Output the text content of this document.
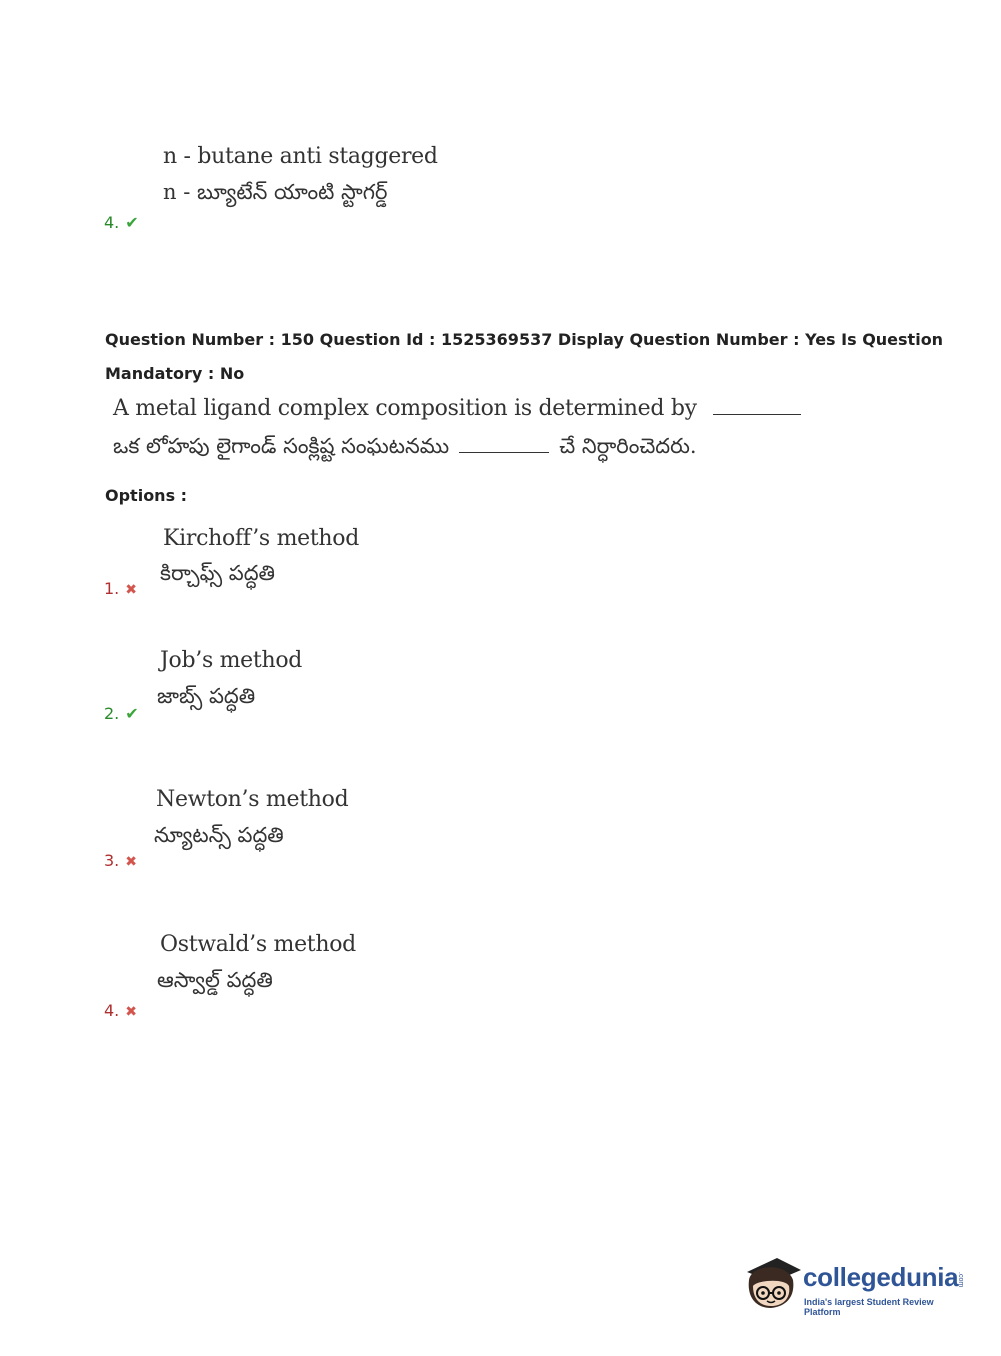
n - butane anti staggered
n - బ్యూటేన్ యాంటి స్టాగర్డ్
4. ✔
Question Number : 150 Question Id : 1525369537 Display Question Number : Yes Is Question
Mandatory : No
A metal ligand complex composition is determined by
ఒక లోహపు లైగాండ్ సంక్లిష్ట సంఘటనము	చే నిర్ధారించెదరు.
Options :
Kirchoff’s method
కిర్చాఫ్స్ పద్ధతి
1. ✖
Job’s method
జాబ్స్ పద్ధతి
2. ✔
Newton’s method
న్యూటన్స్ పద్ధతి
3. ✖
Ostwald’s method
ఆస్వాల్డ్ పద్ధతి
4. ✖
collegedunia
.com
India's largest Student Review Platform
